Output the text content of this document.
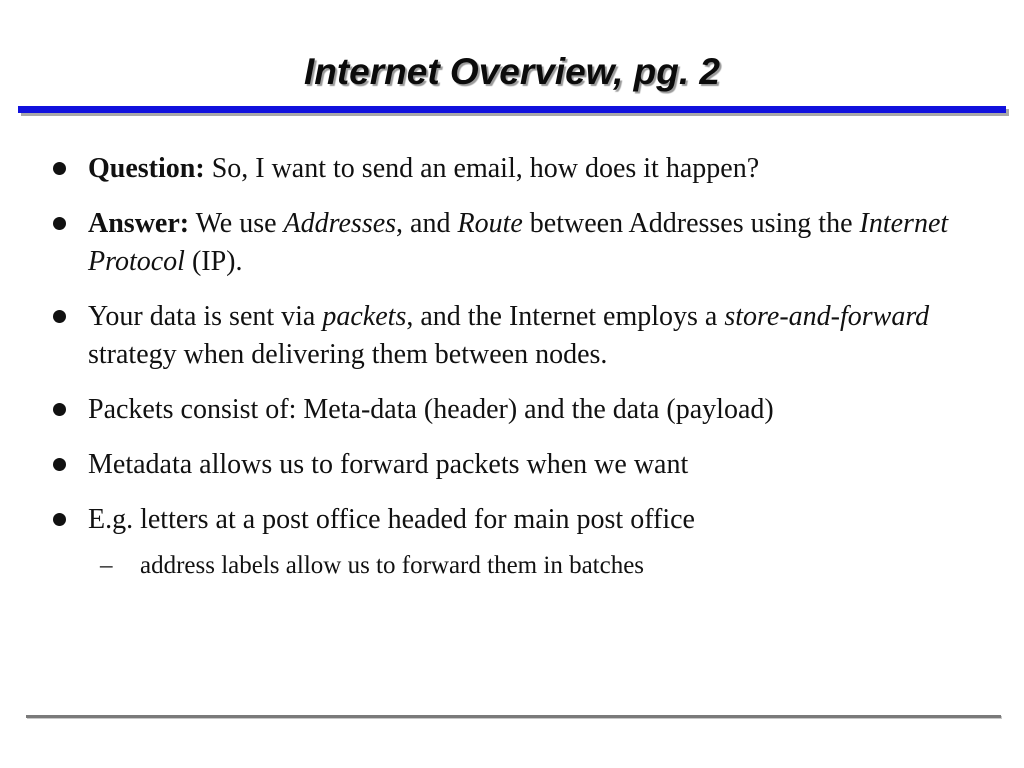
Internet Overview, pg. 2
Question: So, I want to send an email, how does it happen?
Answer: We use Addresses, and Route between Addresses using the Internet Protocol (IP).
Your data is sent via packets, and the Internet employs a store-and-forward strategy when delivering them between nodes.
Packets consist of: Meta-data (header) and the data (payload)
Metadata allows us to forward packets when we want
E.g. letters at a post office headed for main post office
– address labels allow us to forward them in batches
